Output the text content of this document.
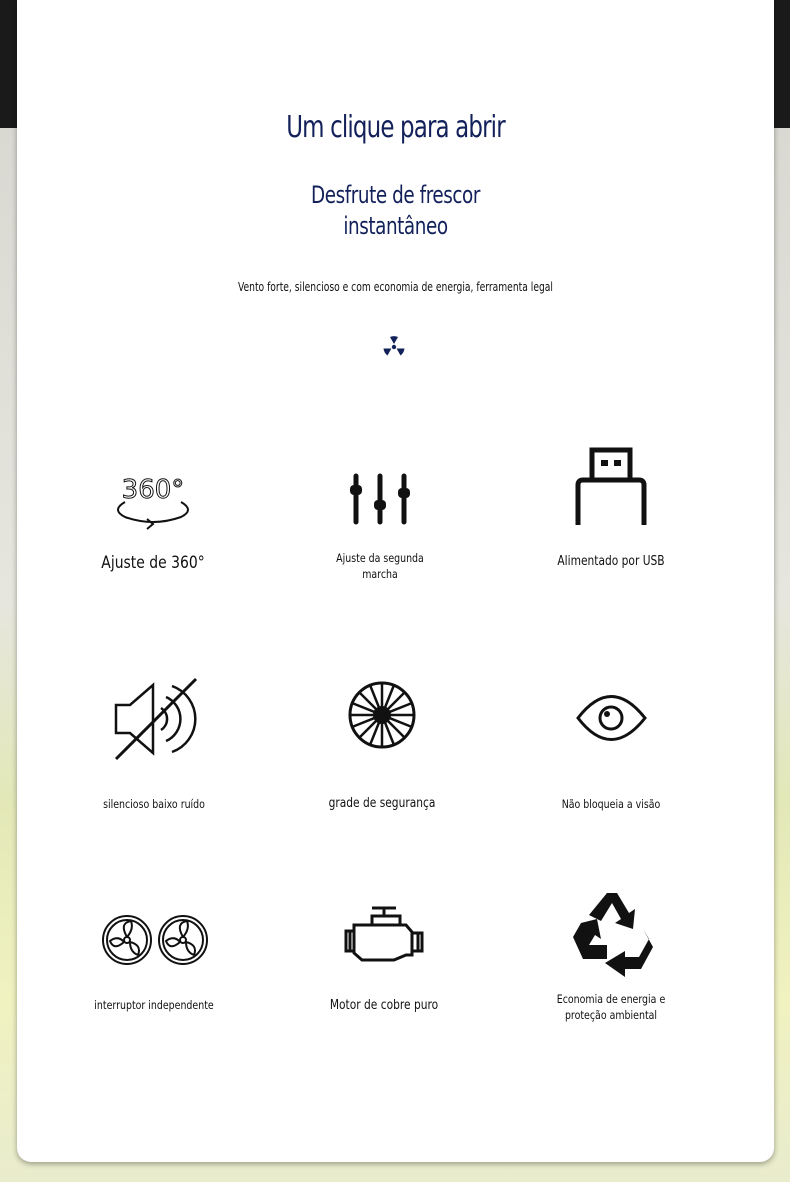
Um clique para abrir
Desfrute de frescor
instantâneo
Vento forte, silencioso e com economia de energia, ferramenta legal
360°
Ajuste de 360°	Ajuste da segunda
marcha
Alimentado por USB
silencioso baixo ruído	grade de segurança	Não bloqueia a visão
interruptor independente	Motor de cobre puro	Economia de energia e
proteção ambiental
